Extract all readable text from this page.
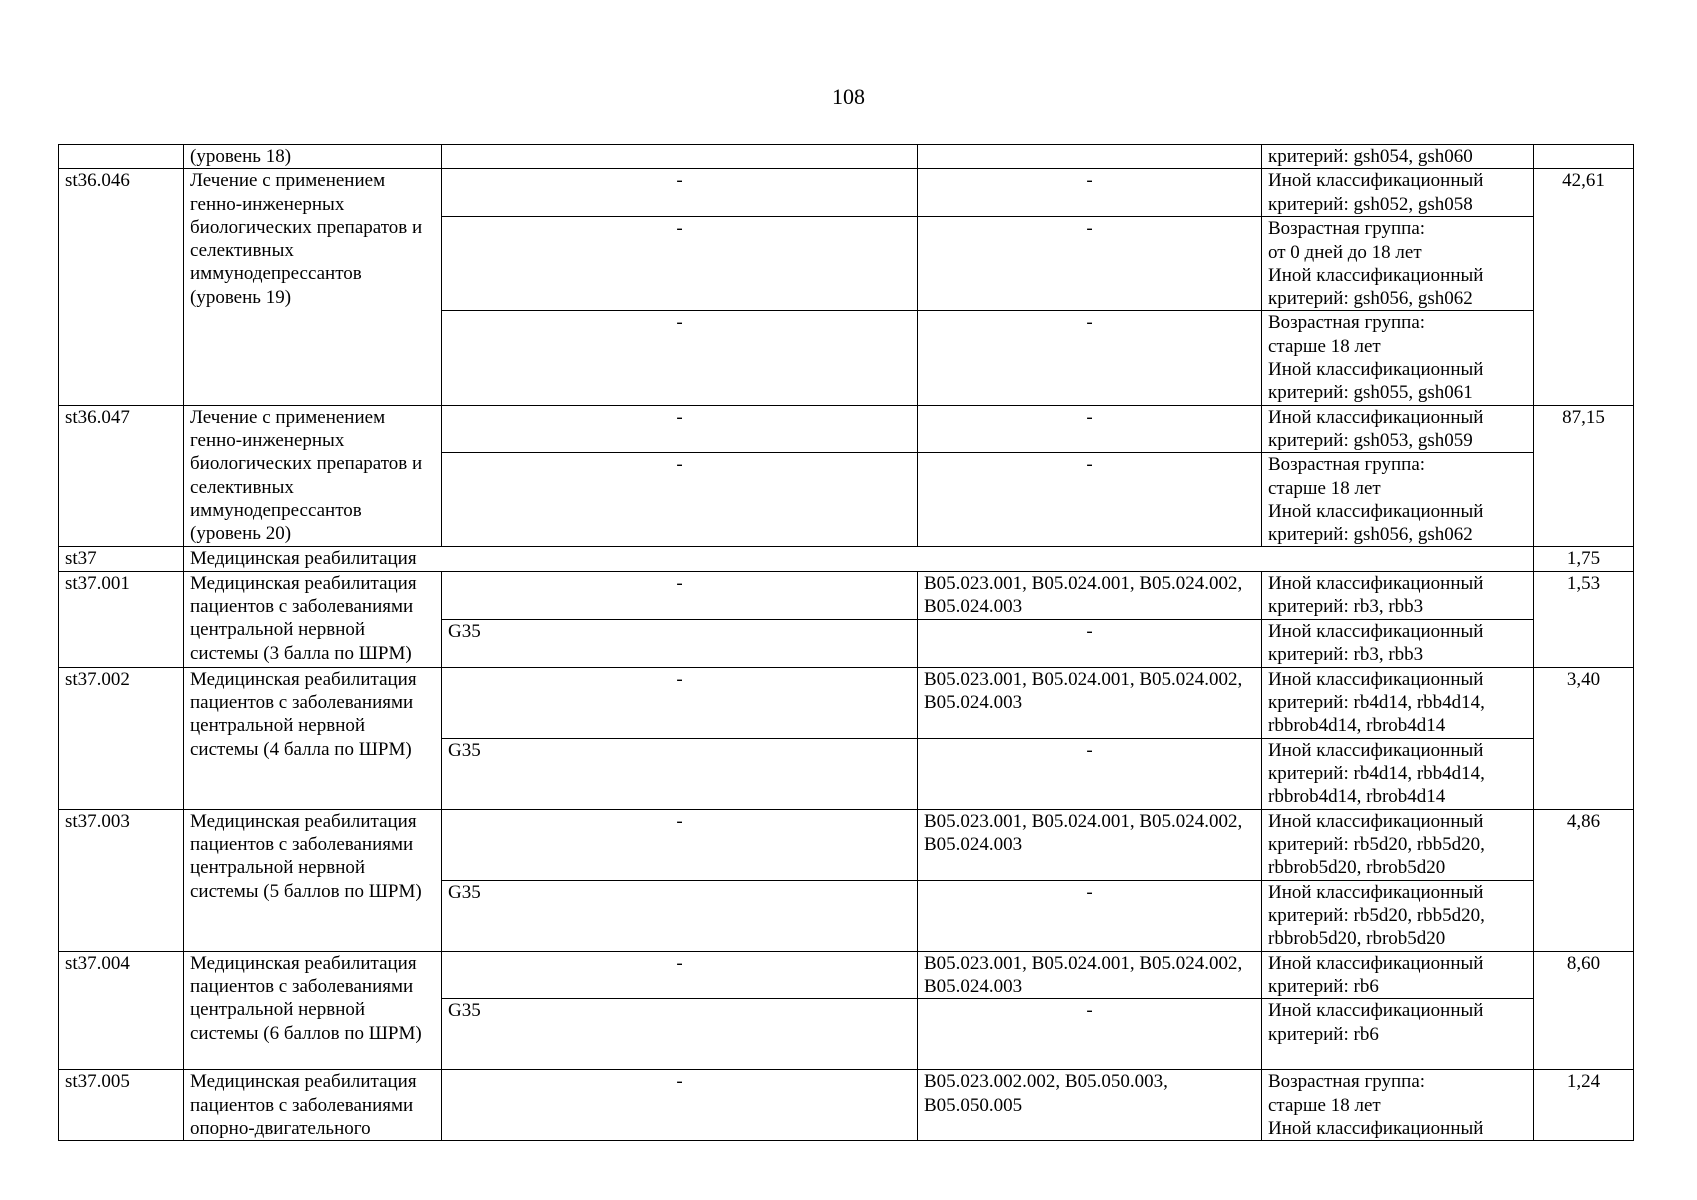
108
	(уровень 18)			критерий: gsh054, gsh060	
st36.046	Лечение с применением генно-инженерных биологических препаратов и селективных иммунодепрессантов (уровень 19)	-	-	Иной классификационный критерий: gsh052, gsh058	42,61
		-	-	Возрастная группа:
от 0 дней до 18 лет
Иной классификационный критерий: gsh056, gsh062	
		-	-	Возрастная группа:
старше 18 лет
Иной классификационный критерий: gsh055, gsh061	
st36.047	Лечение с применением генно-инженерных биологических препаратов и селективных иммунодепрессантов (уровень 20)	-	-	Иной классификационный критерий: gsh053, gsh059	87,15
		-	-	Возрастная группа:
старше 18 лет
Иной классификационный критерий: gsh056, gsh062	
st37	Медицинская реабилитация				1,75
st37.001	Медицинская реабилитация пациентов с заболеваниями центральной нервной системы (3 балла по ШРМ)	-	B05.023.001, B05.024.001, B05.024.002, B05.024.003	Иной классификационный критерий: rb3, rbb3	1,53
		G35	-	Иной классификационный критерий: rb3, rbb3	
st37.002	Медицинская реабилитация пациентов с заболеваниями центральной нервной системы (4 балла по ШРМ)	-	B05.023.001, B05.024.001, B05.024.002, B05.024.003	Иной классификационный критерий: rb4d14, rbb4d14, rbbrob4d14, rbrob4d14	3,40
		G35	-	Иной классификационный критерий: rb4d14, rbb4d14, rbbrob4d14, rbrob4d14	
st37.003	Медицинская реабилитация пациентов с заболеваниями центральной нервной системы (5 баллов по ШРМ)	-	B05.023.001, B05.024.001, B05.024.002, B05.024.003	Иной классификационный критерий: rb5d20, rbb5d20, rbbrob5d20, rbrob5d20	4,86
		G35	-	Иной классификационный критерий: rb5d20, rbb5d20, rbbrob5d20, rbrob5d20	
st37.004	Медицинская реабилитация пациентов с заболеваниями центральной нервной системы (6 баллов по ШРМ)	-	B05.023.001, B05.024.001, B05.024.002, B05.024.003	Иной классификационный критерий: rb6	8,60
		G35	-	Иной классификационный критерий: rb6	
st37.005	Медицинская реабилитация пациентов с заболеваниями опорно-двигательного	-	B05.023.002.002, B05.050.003, B05.050.005	Возрастная группа:
старше 18 лет
Иной классификационный	1,24
